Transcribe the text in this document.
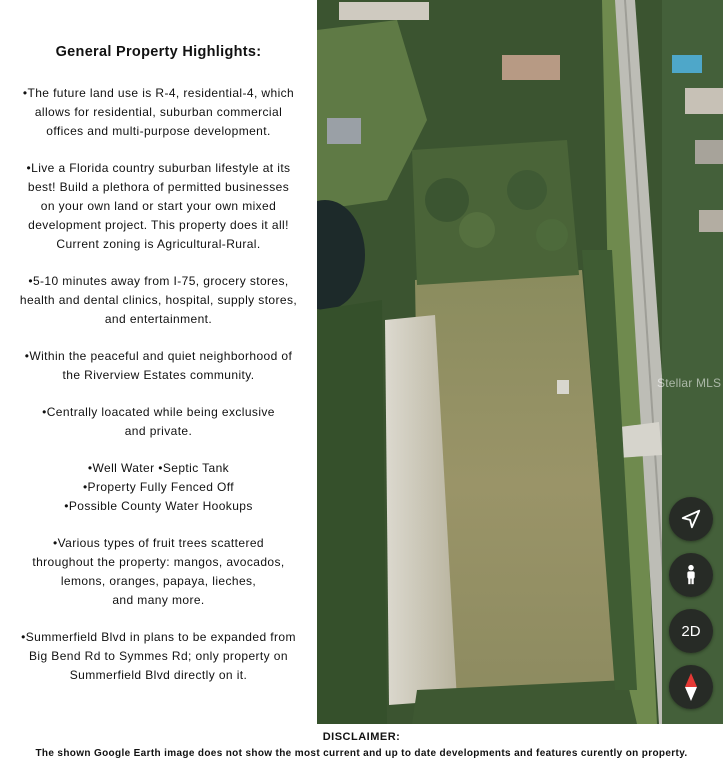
General Property Highlights:
•The future land use is R-4, residential-4, which
allows for residential, suburban commercial
offices and multi-purpose development.
•Live a Florida country suburban lifestyle at its
best! Build a plethora of permitted businesses
on your own land or start your own mixed
development project. This property does it all!
Current zoning is Agricultural-Rural.
•5-10 minutes away from I-75, grocery stores,
health and dental clinics, hospital, supply stores,
and entertainment.
•Within the peaceful and quiet neighborhood of
the Riverview Estates community.
•Centrally loacated while being exclusive
and private.
•Well Water •Septic Tank
•Property Fully Fenced Off
•Possible County Water Hookups
•Various types of fruit trees scattered
throughout the property: mangos, avocados,
lemons, oranges, papaya, lieches,
and many more.
•Summerfield Blvd in plans to be expanded from
Big Bend Rd to Symmes Rd; only property on
Summerfield Blvd directly on it.
Stellar MLS
2D
DISCLAIMER:
The shown Google Earth image does not show the most current and up to date developments and features curently on property.
